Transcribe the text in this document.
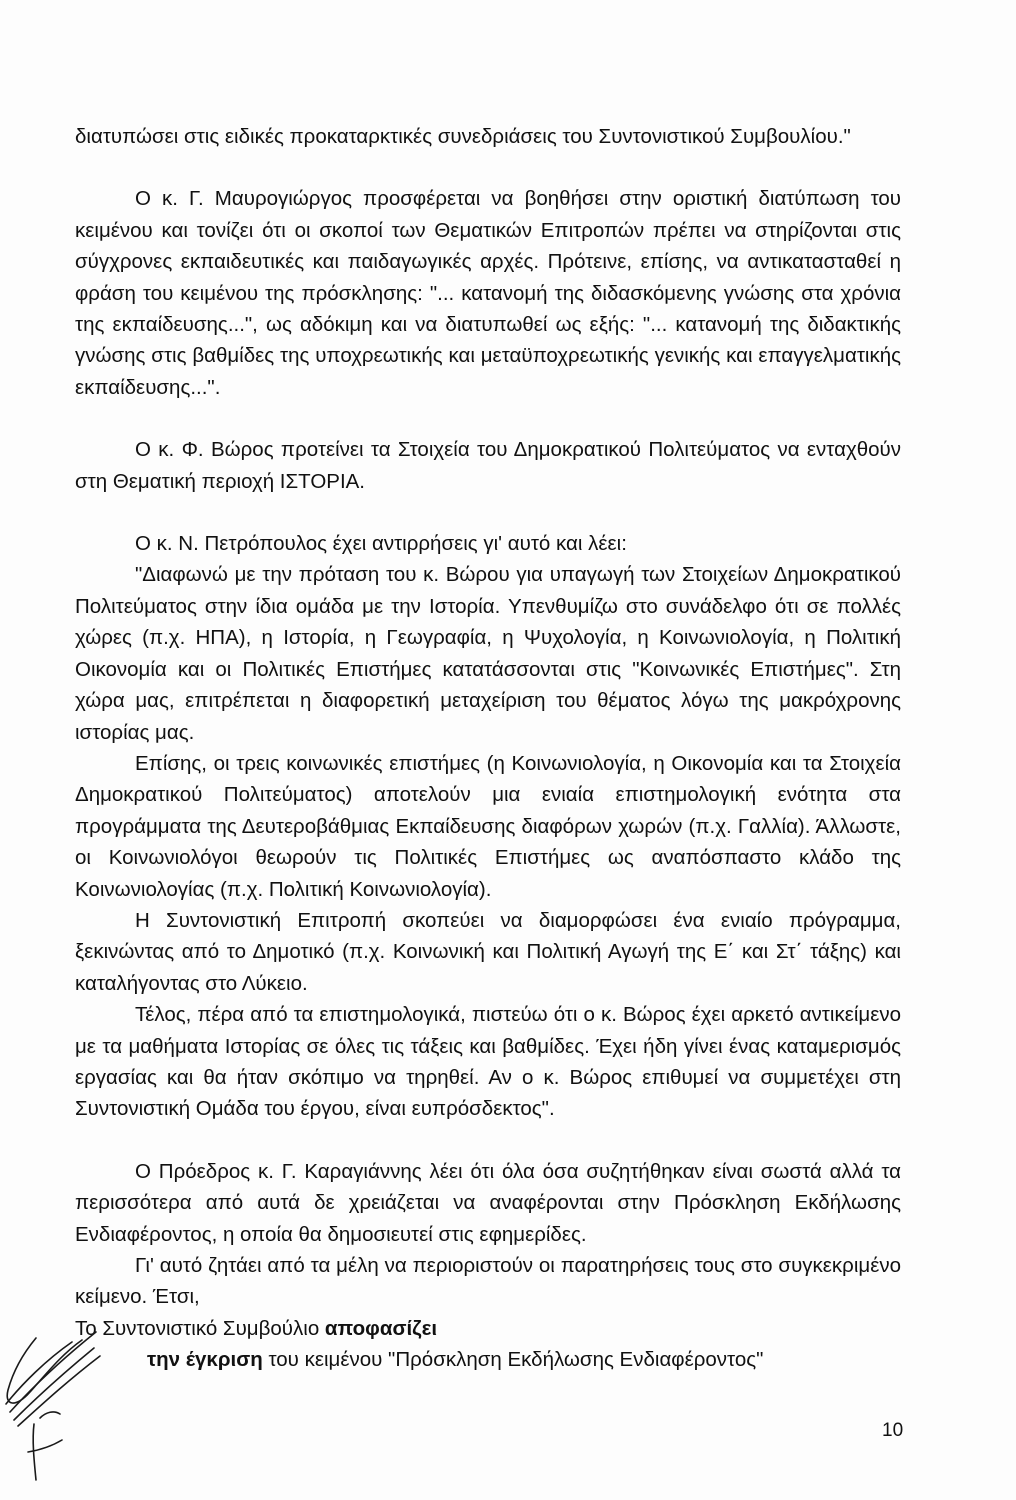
διατυπώσει στις ειδικές προκαταρκτικές συνεδριάσεις του Συντονιστικού Συμβουλίου."

Ο κ. Γ. Μαυρογιώργος προσφέρεται να βοηθήσει στην οριστική διατύπωση του κειμένου και τονίζει ότι οι σκοποί των Θεματικών Επιτροπών πρέπει να στηρίζονται στις σύγχρονες εκπαιδευτικές και παιδαγωγικές αρχές. Πρότεινε, επίσης, να αντικατασταθεί η φράση του κειμένου της πρόσκλησης: "... κατανομή της διδασκόμενης γνώσης στα χρόνια της εκπαίδευσης...", ως αδόκιμη και να διατυπωθεί ως εξής: "... κατανομή της διδακτικής γνώσης στις βαθμίδες της υποχρεωτικής και μεταϋποχρεωτικής γενικής και επαγγελματικής εκπαίδευσης...".

Ο κ. Φ. Βώρος προτείνει τα Στοιχεία του Δημοκρατικού Πολιτεύματος να ενταχθούν στη Θεματική περιοχή ΙΣΤΟΡΙΑ.

Ο κ. Ν. Πετρόπουλος έχει αντιρρήσεις γι' αυτό και λέει:

"Διαφωνώ με την πρόταση του κ. Βώρου για υπαγωγή των Στοιχείων Δημοκρατικού Πολιτεύματος στην ίδια ομάδα με την Ιστορία. Υπενθυμίζω στο συνάδελφο ότι σε πολλές χώρες (π.χ. ΗΠΑ), η Ιστορία, η Γεωγραφία, η Ψυχολογία, η Κοινωνιολογία, η Πολιτική Οικονομία και οι Πολιτικές Επιστήμες κατατάσσονται στις "Κοινωνικές Επιστήμες". Στη χώρα μας, επιτρέπεται η διαφορετική μεταχείριση του θέματος λόγω της μακρόχρονης ιστορίας μας.

Επίσης, οι τρεις κοινωνικές επιστήμες (η Κοινωνιολογία, η Οικονομία και τα Στοιχεία Δημοκρατικού Πολιτεύματος) αποτελούν μια ενιαία επιστημολογική ενότητα στα προγράμματα της Δευτεροβάθμιας Εκπαίδευσης διαφόρων χωρών (π.χ. Γαλλία). Άλλωστε, οι Κοινωνιολόγοι θεωρούν τις Πολιτικές Επιστήμες ως αναπόσπαστο κλάδο της Κοινωνιολογίας (π.χ. Πολιτική Κοινωνιολογία).

Η Συντονιστική Επιτροπή σκοπεύει να διαμορφώσει ένα ενιαίο πρόγραμμα, ξεκινώντας από το Δημοτικό (π.χ. Κοινωνική και Πολιτική Αγωγή της Ε΄ και Στ΄ τάξης) και καταλήγοντας στο Λύκειο.

Τέλος, πέρα από τα επιστημολογικά, πιστεύω ότι ο κ. Βώρος έχει αρκετό αντικείμενο με τα μαθήματα Ιστορίας σε όλες τις τάξεις και βαθμίδες. Έχει ήδη γίνει ένας καταμερισμός εργασίας και θα ήταν σκόπιμο να τηρηθεί. Αν ο κ. Βώρος επιθυμεί να συμμετέχει στη Συντονιστική Ομάδα του έργου, είναι ευπρόσδεκτος".

Ο Πρόεδρος κ. Γ. Καραγιάννης λέει ότι όλα όσα συζητήθηκαν είναι σωστά αλλά τα περισσότερα από αυτά δε χρειάζεται να αναφέρονται στην Πρόσκληση Εκδήλωσης Ενδιαφέροντος, η οποία θα δημοσιευτεί στις εφημερίδες.

Γι' αυτό ζητάει από τα μέλη να περιοριστούν οι παρατηρήσεις τους στο συγκεκριμένο κείμενο. Έτσι,

Το Συντονιστικό Συμβούλιο αποφασίζει

την έγκριση του κειμένου "Πρόσκληση Εκδήλωσης Ενδιαφέροντος"

10
